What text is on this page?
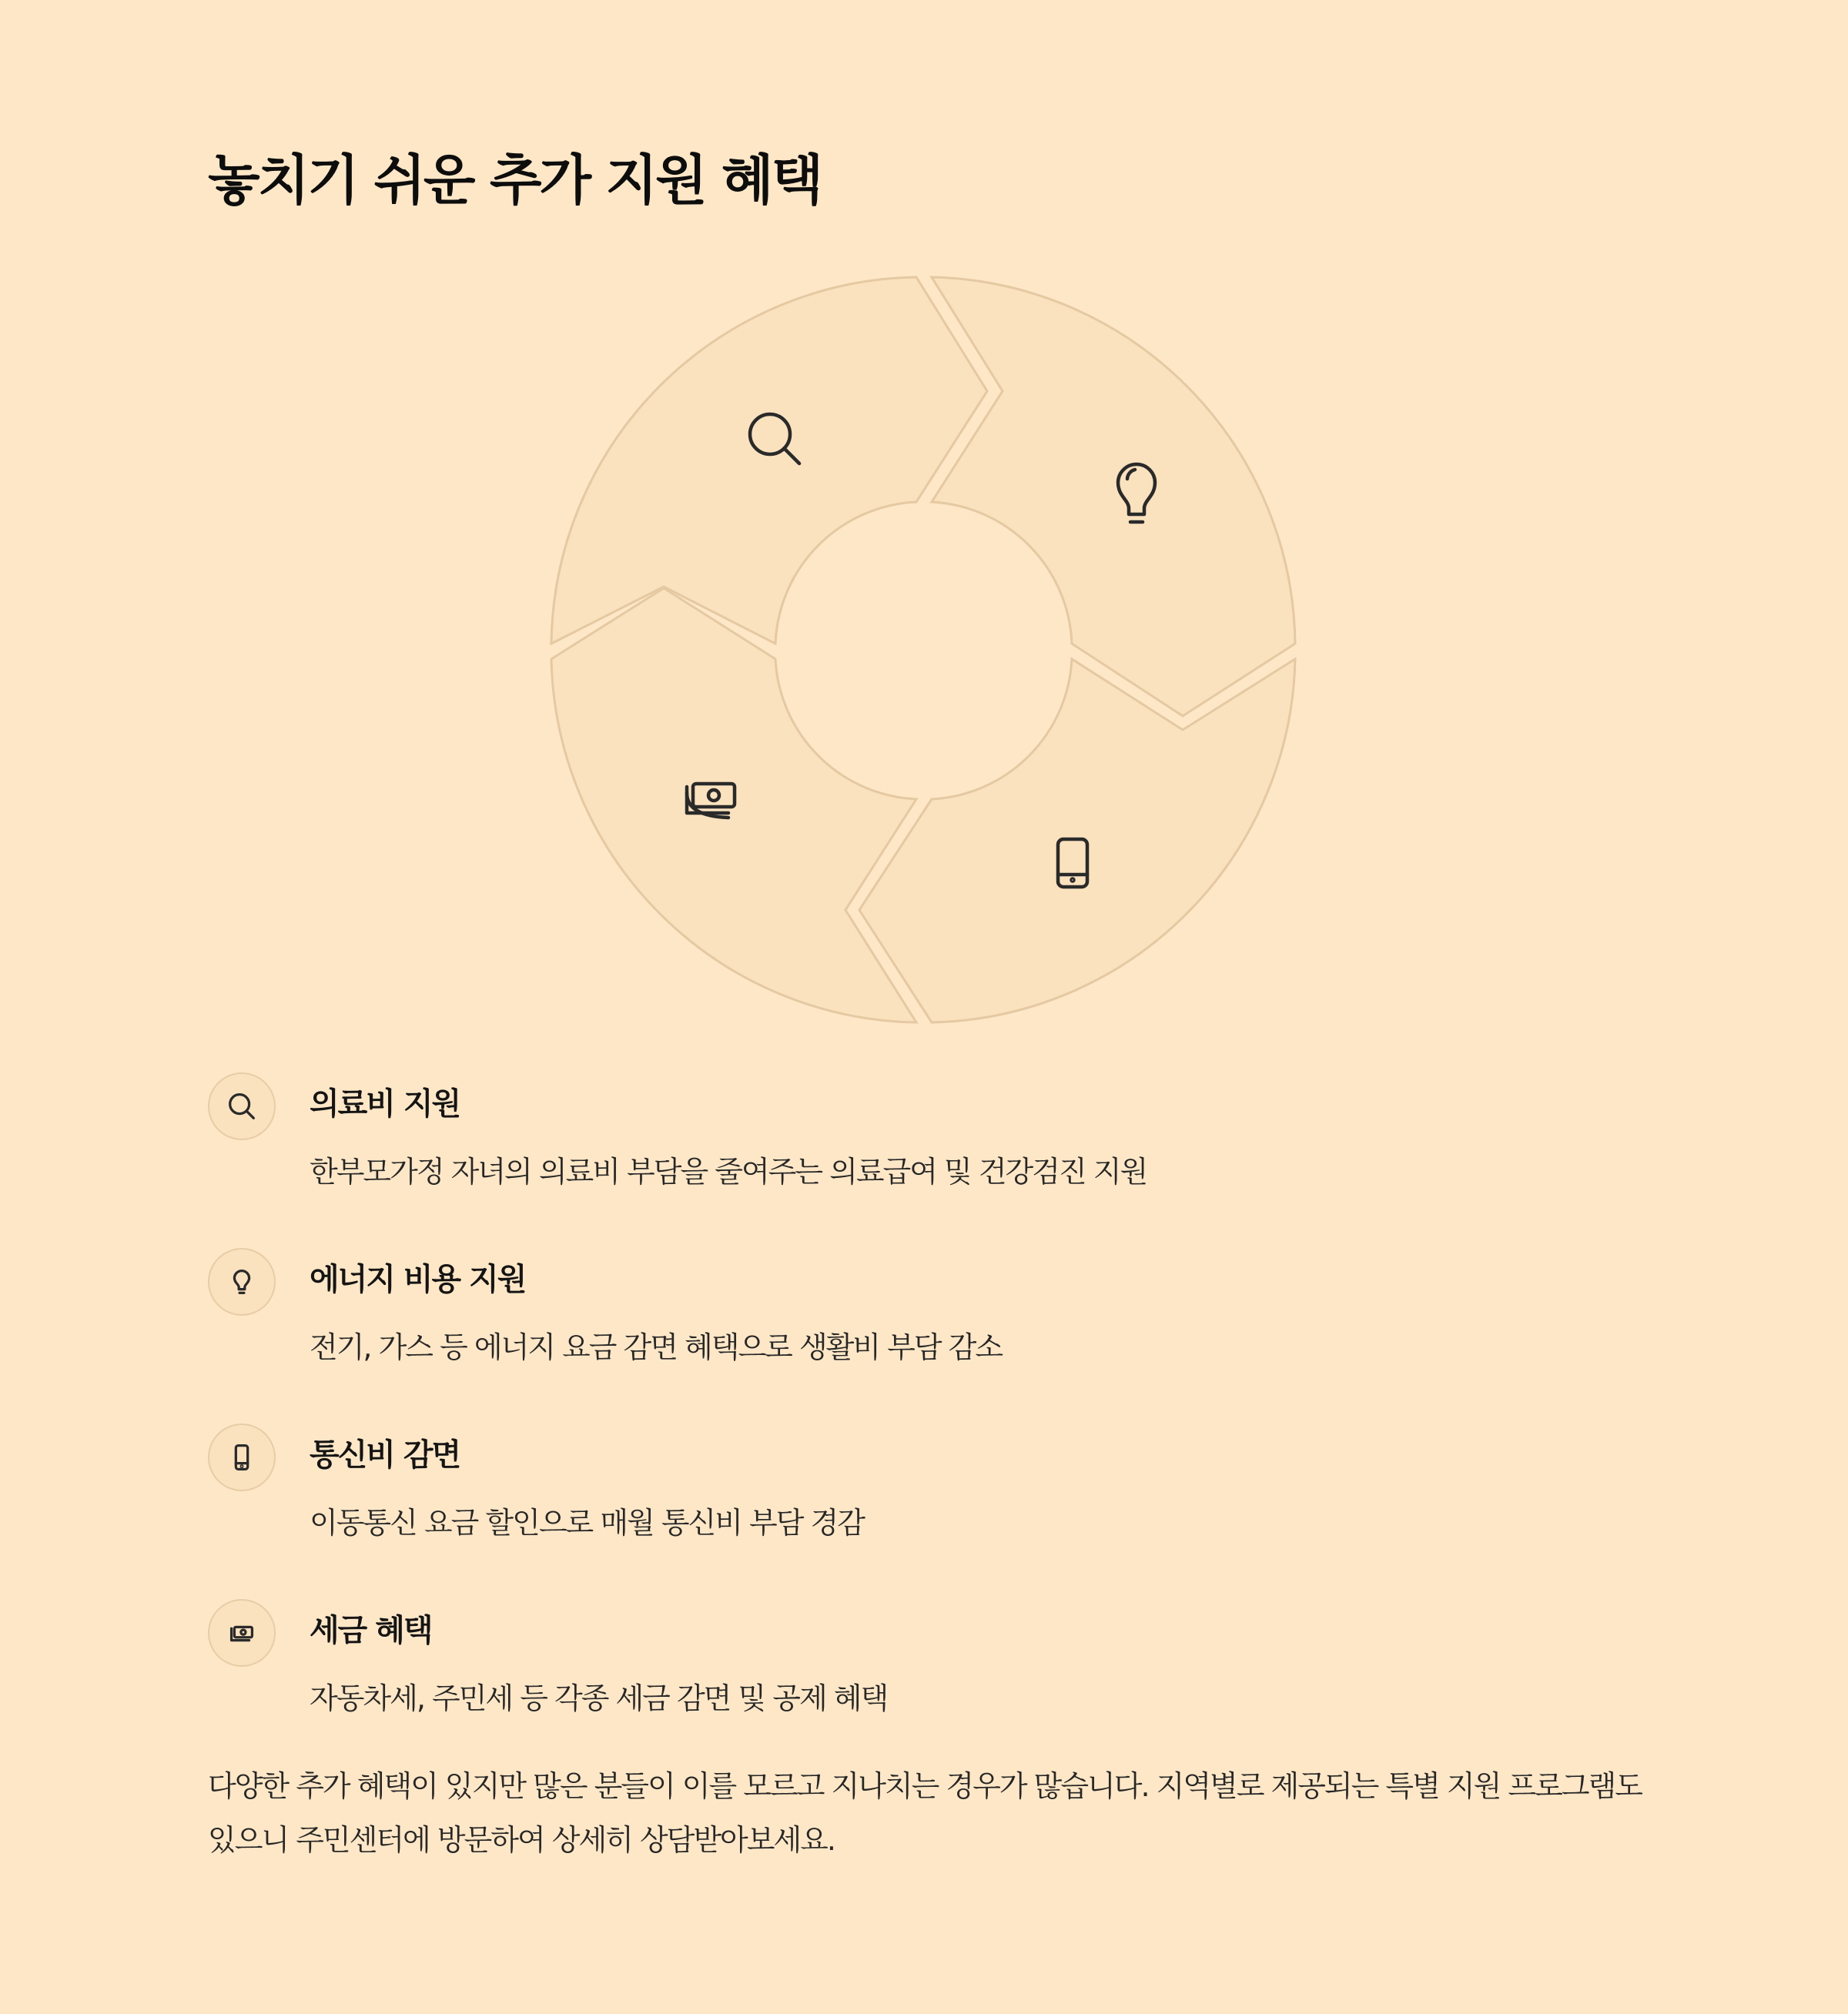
놓치기 쉬운 추가 지원 혜택
의료비 지원
한부모가정 자녀의 의료비 부담을 줄여주는 의료급여 및 건강검진 지원
에너지 비용 지원
전기, 가스 등 에너지 요금 감면 혜택으로 생활비 부담 감소
통신비 감면
이동통신 요금 할인으로 매월 통신비 부담 경감
세금 혜택
자동차세, 주민세 등 각종 세금 감면 및 공제 혜택

다양한 추가 혜택이 있지만 많은 분들이 이를 모르고 지나치는 경우가 많습니다. 지역별로 제공되는 특별 지원 프로그램도 있으니 주민센터에 방문하여 상세히 상담받아보세요.
